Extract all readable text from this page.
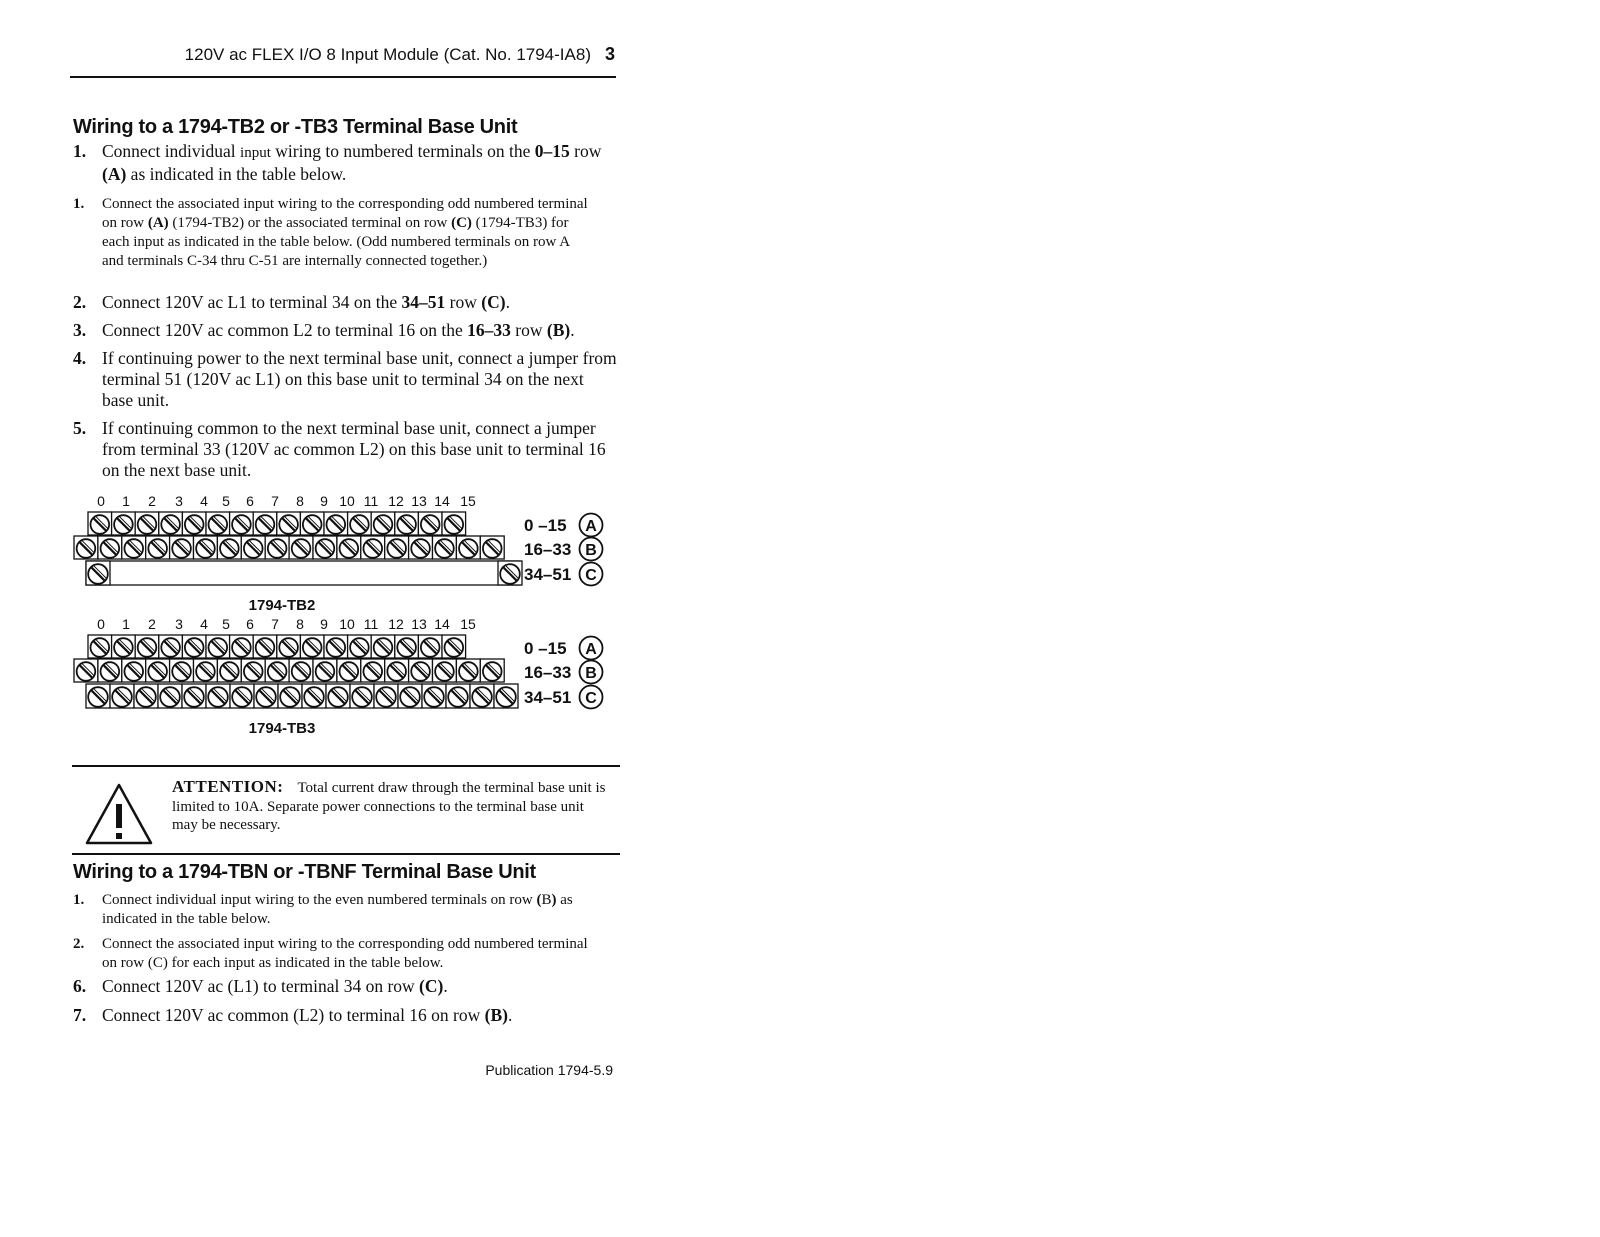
120V ac FLEX I/O 8 Input Module (Cat. No. 1794-IA8) 3
Wiring to a 1794-TB2 or -TB3 Terminal Base Unit
1. Connect individual input wiring to numbered terminals on the 0–15 row (A) as indicated in the table below.
1. Connect the associated input wiring to the corresponding odd numbered terminal on row (A) (1794-TB2) or the associated terminal on row (C) (1794-TB3) for each input as indicated in the table below. (Odd numbered terminals on row A and terminals C-34 thru C-51 are internally connected together.)
2. Connect 120V ac L1 to terminal 34 on the 34–51 row (C).
3. Connect 120V ac common L2 to terminal 16 on the 16–33 row (B).
4. If continuing power to the next terminal base unit, connect a jumper from terminal 51 (120V ac L1) on this base unit to terminal 34 on the next base unit.
5. If continuing common to the next terminal base unit, connect a jumper from terminal 33 (120V ac common L2) on this base unit to terminal 16 on the next base unit.
0 1 2 3 4 5 6 7 8 9 10 11 12 13 14 15
0 –15 A
16–33 B
34–51 C
1794-TB2
0 1 2 3 4 5 6 7 8 9 10 11 12 13 14 15
0 –15 A
16–33 B
34–51 C
1794-TB3
ATTENTION: Total current draw through the terminal base unit is limited to 10A. Separate power connections to the terminal base unit may be necessary.
Wiring to a 1794-TBN or -TBNF Terminal Base Unit
1. Connect individual input wiring to the even numbered terminals on row (B) as indicated in the table below.
2. Connect the associated input wiring to the corresponding odd numbered terminal on row (C) for each input as indicated in the table below.
6. Connect 120V ac (L1) to terminal 34 on row (C).
7. Connect 120V ac common (L2) to terminal 16 on row (B).
Publication 1794-5.9
